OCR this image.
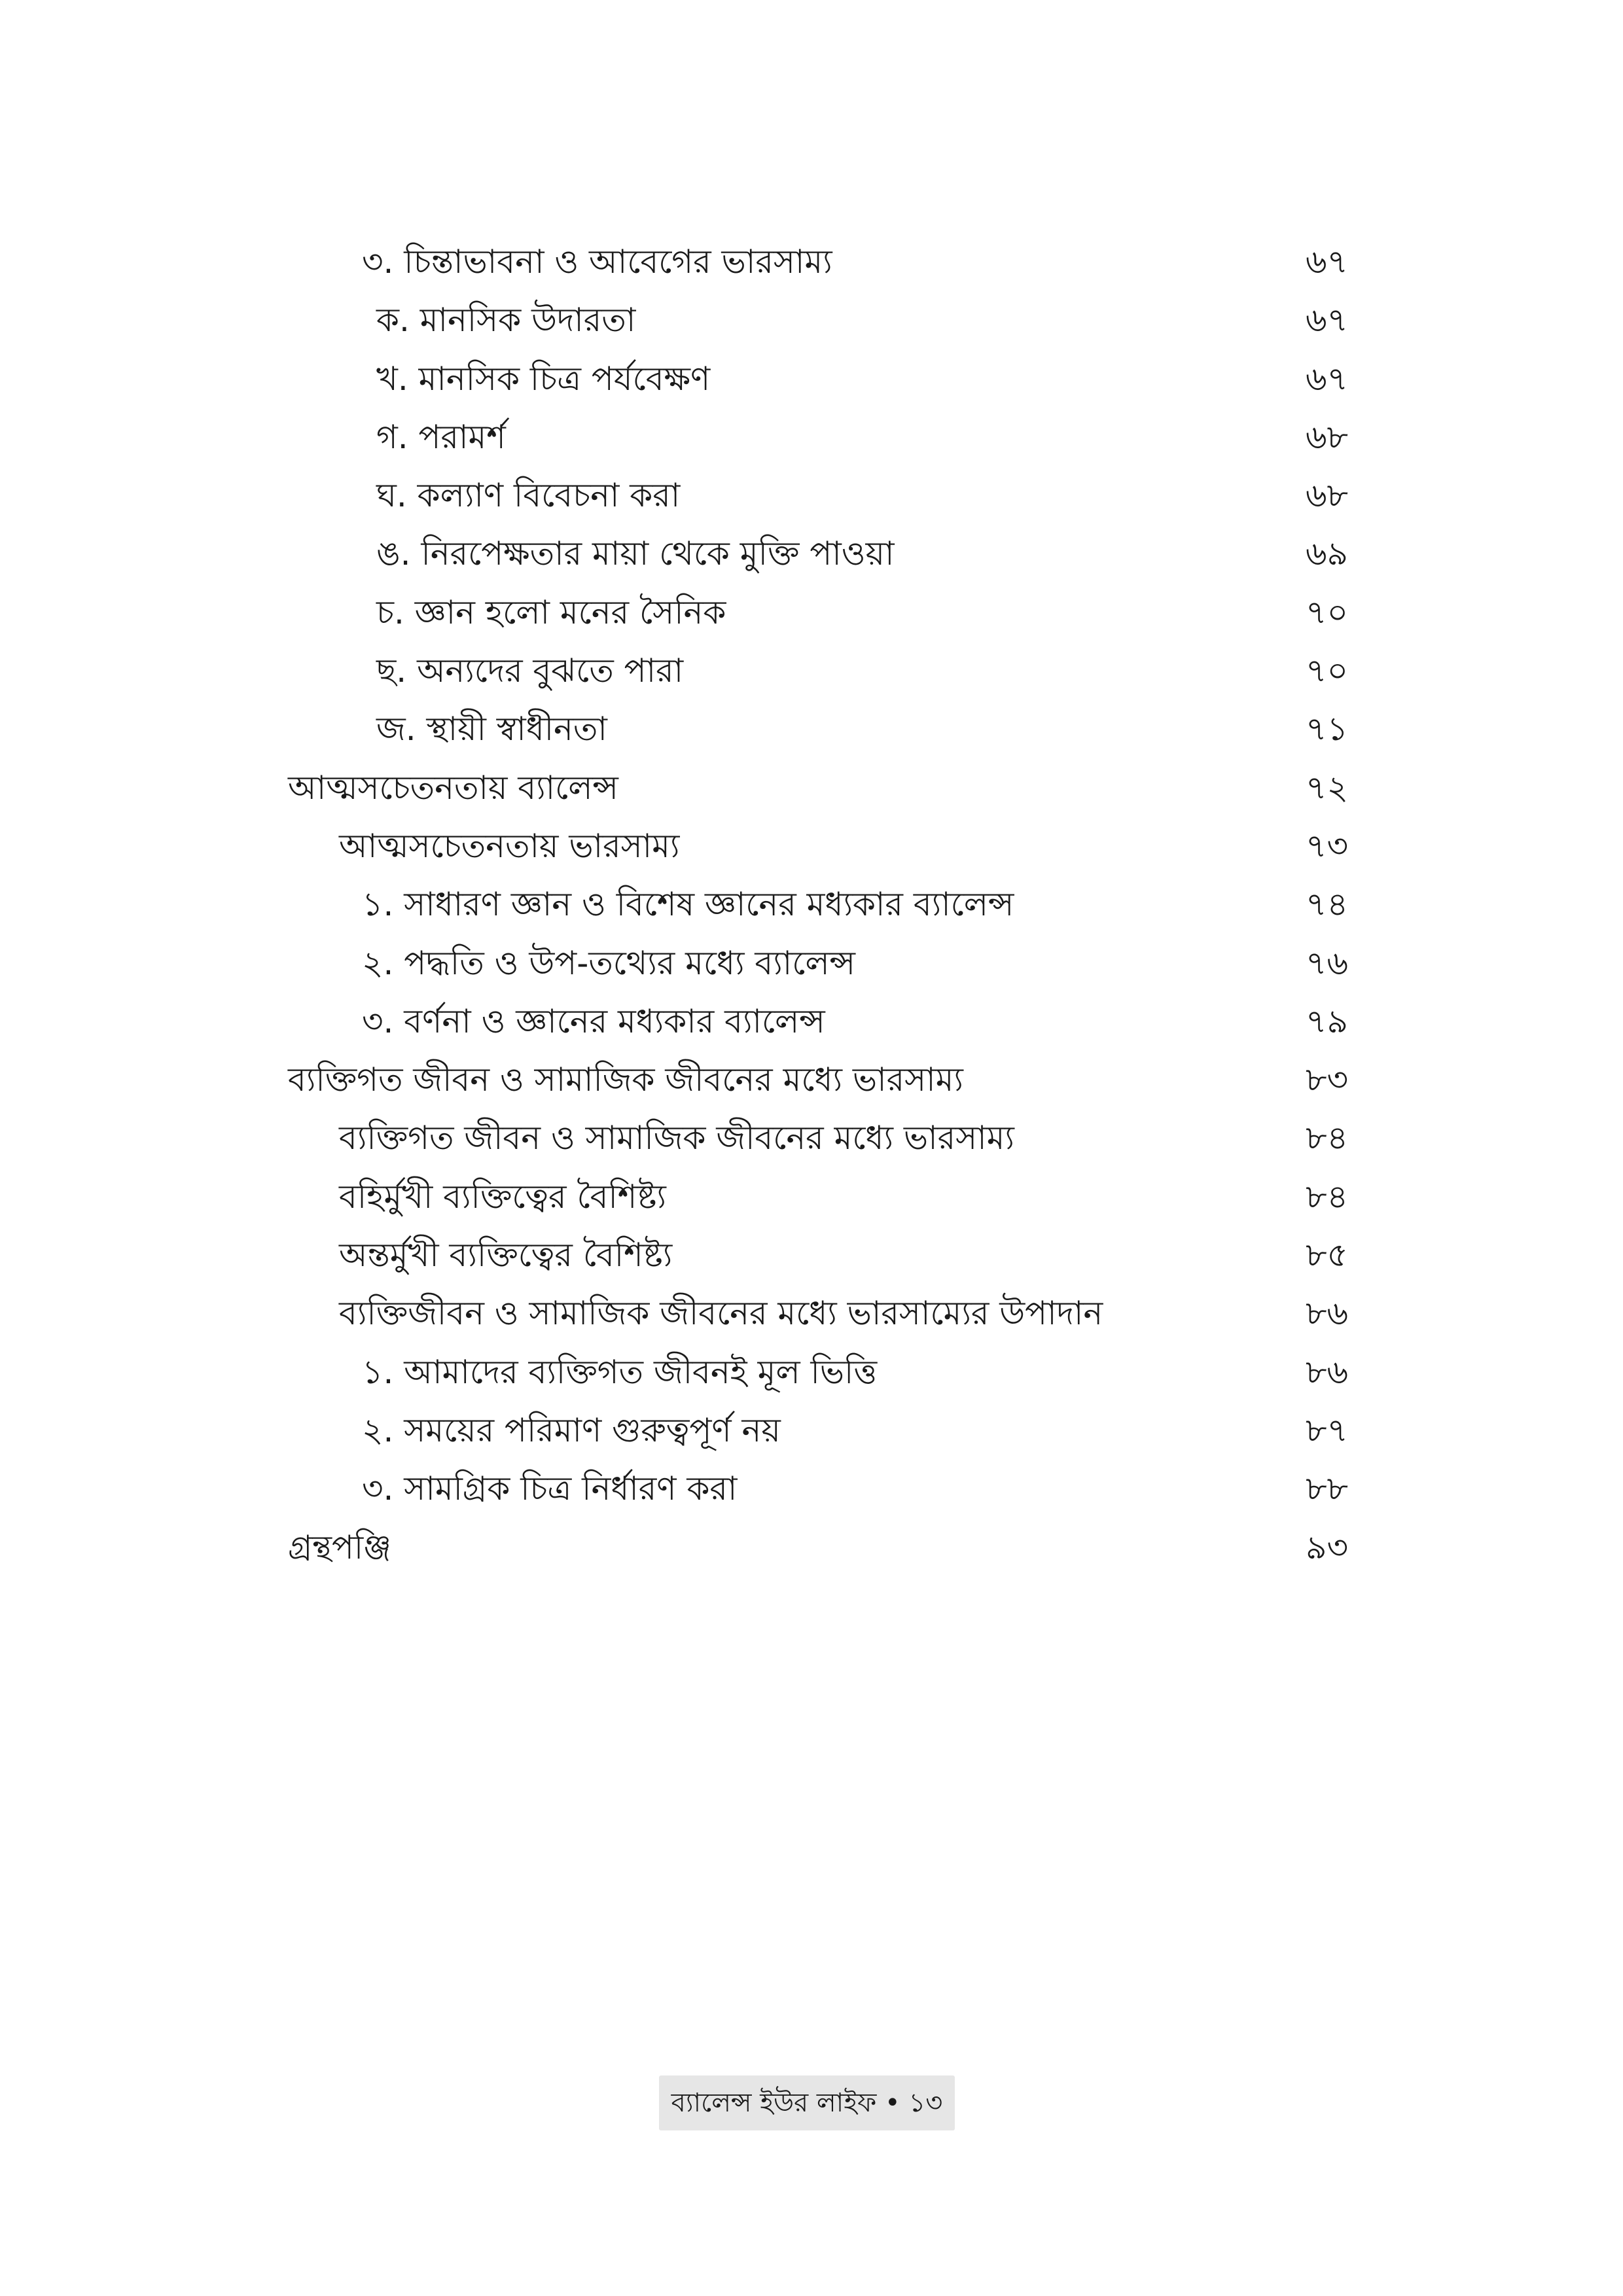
৩. চিন্তাভাবনা ও আবেগের ভারসাম্য	৬৭
ক. মানসিক উদারতা	৬৭
খ. মানসিক চিত্র পর্যবেক্ষণ	৬৭
গ. পরামর্শ	৬৮
ঘ. কল্যাণ বিবেচনা করা	৬৮
ঙ. নিরপেক্ষতার মায়া থেকে মুক্তি পাওয়া	৬৯
চ. জ্ঞান হলো মনের সৈনিক	৭০
ছ. অন্যদের বুঝতে পারা	৭০
জ. স্থায়ী স্বাধীনতা	৭১
আত্মসচেতনতায় ব্যালেন্স	৭২
আত্মসচেতনতায় ভারসাম্য	৭৩
১. সাধারণ জ্ঞান ও বিশেষ জ্ঞানের মধ্যকার ব্যালেন্স	৭৪
২. পদ্ধতি ও উপ-তথ্যের মধ্যে ব্যালেন্স	৭৬
৩. বর্ণনা ও জ্ঞানের মধ্যকার ব্যালেন্স	৭৯
ব্যক্তিগত জীবন ও সামাজিক জীবনের মধ্যে ভারসাম্য	৮৩
ব্যক্তিগত জীবন ও সামাজিক জীবনের মধ্যে ভারসাম্য	৮৪
বহির্মুখী ব্যক্তিত্বের বৈশিষ্ট্য	৮৪
অন্তর্মুখী ব্যক্তিত্বের বৈশিষ্ট্য	৮৫
ব্যক্তিজীবন ও সামাজিক জীবনের মধ্যে ভারসাম্যের উপাদান	৮৬
১. আমাদের ব্যক্তিগত জীবনই মূল ভিত্তি	৮৬
২. সময়ের পরিমাণ গুরুত্বপূর্ণ নয়	৮৭
৩. সামগ্রিক চিত্র নির্ধারণ করা	৮৮
গ্রন্থপঞ্জি	৯৩
ব্যালেন্স ইউর লাইফ • ১৩
